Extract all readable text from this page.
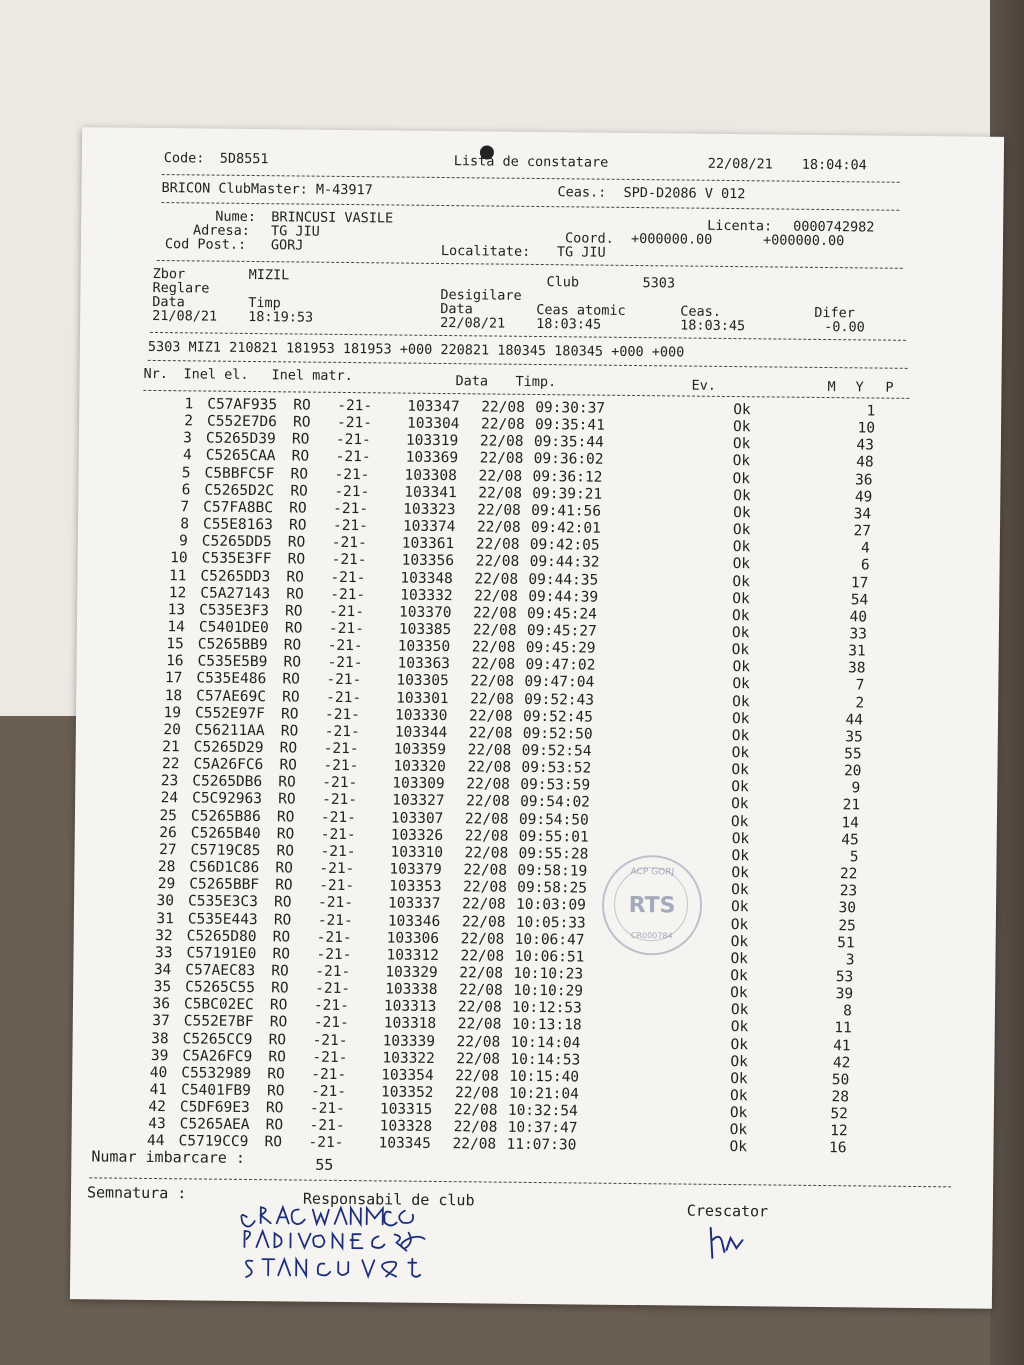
Code: 5D8551	Lista de constatare	22/08/21 18:04:04
BRICON ClubMaster: M-43917	Ceas.: SPD-D2086 V 012
Nume: BRINCUSI VASILE	Licenta: 0000742982
Adresa: TG JIU	Coord. +000000.00	+000000.00
Cod Post.: GORJ	Localitate: TG JIU
Zbor	MIZIL	Club	5303
Reglare	Desigilare
Data	Timp	Data	Ceas atomic	Ceas.	Difer
21/08/21 18:19:53	22/08/21 18:03:45	18:03:45	-0.00
5303 MIZ1 210821 181953 181953 +000 220821 180345 180345 +000 +000
Nr. Inel el. Inel matr.	Data Timp.	Ev.	M Y P
1 C57AF935 RO -21- 103347 22/08 09:30:37	Ok	1
2 C552E7D6 RO -21- 103304 22/08 09:35:41	Ok	10
3 C5265D39 RO -21- 103319 22/08 09:35:44	Ok	43
4 C5265CAA RO -21- 103369 22/08 09:36:02	Ok	48
5 C5BBFC5F RO -21- 103308 22/08 09:36:12	Ok	36
6 C5265D2C RO -21- 103341 22/08 09:39:21	Ok	49
7 C57FA8BC RO -21- 103323 22/08 09:41:56	Ok	34
8 C55E8163 RO -21- 103374 22/08 09:42:01	Ok	27
9 C5265DD5 RO -21- 103361 22/08 09:42:05	Ok	4
10 C535E3FF RO -21- 103356 22/08 09:44:32	Ok	6
11 C5265DD3 RO -21- 103348 22/08 09:44:35	Ok	17
12 C5A27143 RO -21- 103332 22/08 09:44:39	Ok	54
13 C535E3F3 RO -21- 103370 22/08 09:45:24	Ok	40
14 C5401DE0 RO -21- 103385 22/08 09:45:27	Ok	33
15 C5265BB9 RO -21- 103350 22/08 09:45:29	Ok	31
16 C535E5B9 RO -21- 103363 22/08 09:47:02	Ok	38
17 C535E486 RO -21- 103305 22/08 09:47:04	Ok	7
18 C57AE69C RO -21- 103301 22/08 09:52:43	Ok	2
19 C552E97F RO -21- 103330 22/08 09:52:45	Ok	44
20 C56211AA RO -21- 103344 22/08 09:52:50	Ok	35
21 C5265D29 RO -21- 103359 22/08 09:52:54	Ok	55
22 C5A26FC6 RO -21- 103320 22/08 09:53:52	Ok	20
23 C5265DB6 RO -21- 103309 22/08 09:53:59	Ok	9
24 C5C92963 RO -21- 103327 22/08 09:54:02	Ok	21
25 C5265B86 RO -21- 103307 22/08 09:54:50	Ok	14
26 C5265B40 RO -21- 103326 22/08 09:55:01	Ok	45
27 C5719C85 RO -21- 103310 22/08 09:55:28	Ok	5
28 C56D1C86 RO -21- 103379 22/08 09:58:19	Ok	22
29 C5265BBF RO -21- 103353 22/08 09:58:25	Ok	23
30 C535E3C3 RO -21- 103337 22/08 10:03:09	Ok	30
31 C535E443 RO -21- 103346 22/08 10:05:33	Ok	25
32 C5265D80 RO -21- 103306 22/08 10:06:47	Ok	51
33 C57191E0 RO -21- 103312 22/08 10:06:51	Ok	3
34 C57AEC83 RO -21- 103329 22/08 10:10:23	Ok	53
35 C5265C55 RO -21- 103338 22/08 10:10:29	Ok	39
36 C5BC02EC RO -21- 103313 22/08 10:12:53	Ok	8
37 C552E7BF RO -21- 103318 22/08 10:13:18	Ok	11
38 C5265CC9 RO -21- 103339 22/08 10:14:04	Ok	41
39 C5A26FC9 RO -21- 103322 22/08 10:14:53	Ok	42
40 C5532989 RO -21- 103354 22/08 10:15:40	Ok	50
41 C5401FB9 RO -21- 103352 22/08 10:21:04	Ok	28
42 C5DF69E3 RO -21- 103315 22/08 10:32:54	Ok	52
43 C5265AEA RO -21- 103328 22/08 10:37:47	Ok	12
44 C5719CC9 RO -21- 103345 22/08 11:07:30	Ok	16
ACP GORJ
RTS
CR000784
Numar imbarcare :	55
Semnatura :	Responsabil de club
Crescator
